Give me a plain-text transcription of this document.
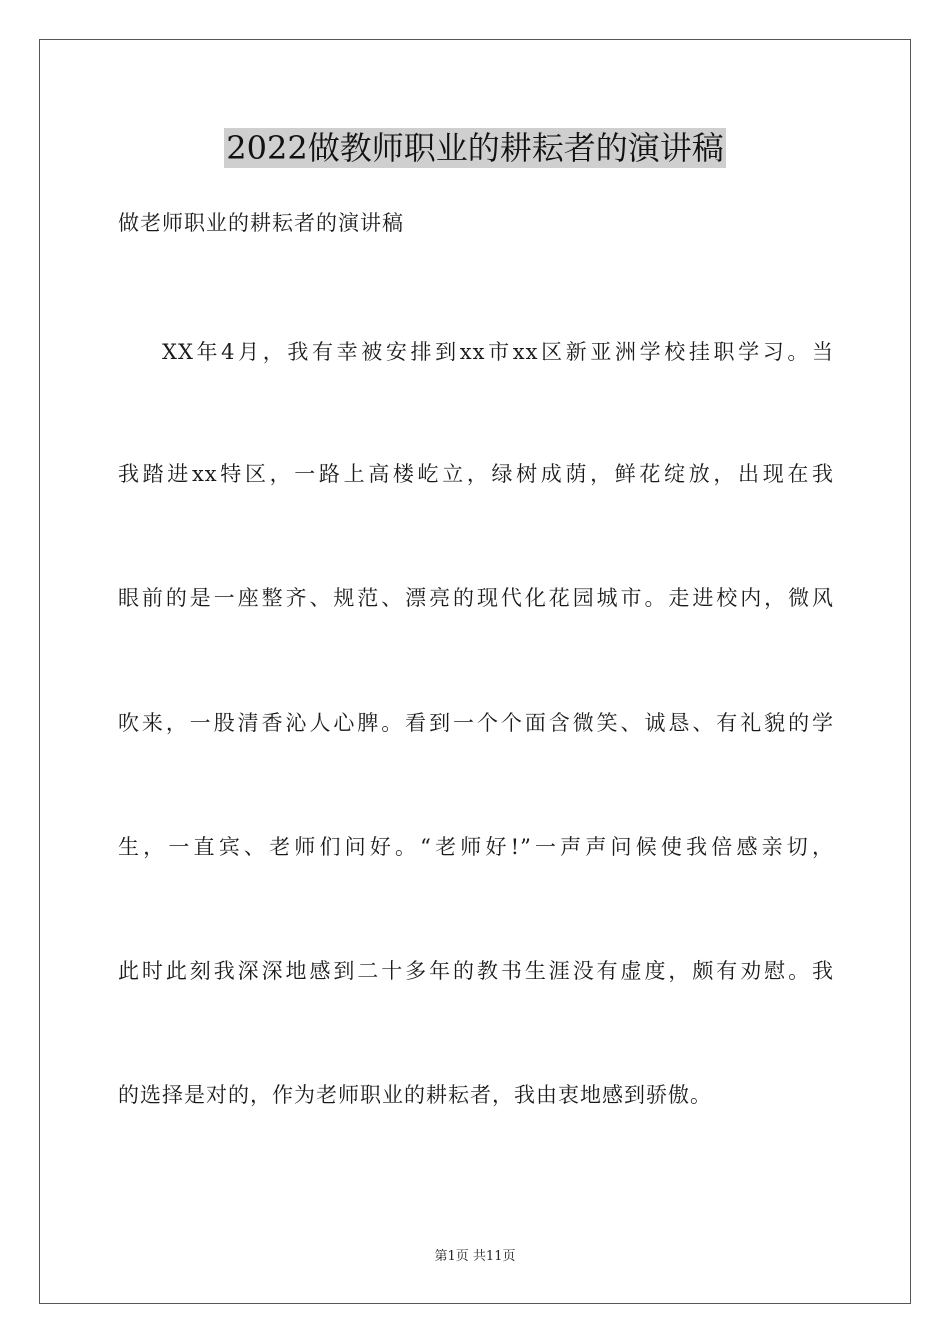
2022做教师职业的耕耘者的演讲稿
做老师职业的耕耘者的演讲稿
XX年4月，我有幸被安排到xx市xx区新亚洲学校挂职学习。当
我踏进xx特区，一路上高楼屹立，绿树成荫，鲜花绽放，出现在我
眼前的是一座整齐、规范、漂亮的现代化花园城市。走进校内，微风
吹来，一股清香沁人心脾。看到一个个面含微笑、诚恳、有礼貌的学
生，一直宾、老师们问好。“老师好!”一声声问候使我倍感亲切，
此时此刻我深深地感到二十多年的教书生涯没有虚度，颇有劝慰。我
的选择是对的，作为老师职业的耕耘者，我由衷地感到骄傲。
第1页 共11页
